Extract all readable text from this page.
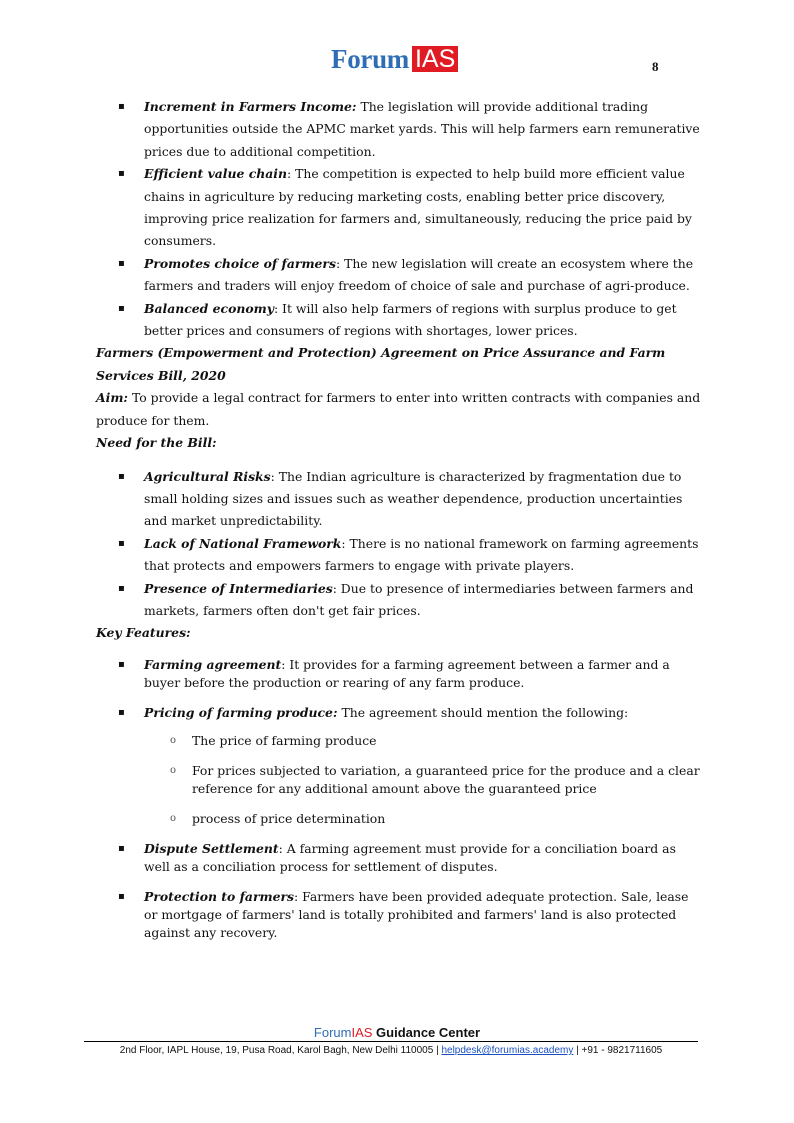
Forum IAS	8
▪ Increment in Farmers Income: The legislation will provide additional trading opportunities outside the APMC market yards. This will help farmers earn remunerative prices due to additional competition.
▪ Efficient value chain: The competition is expected to help build more efficient value chains in agriculture by reducing marketing costs, enabling better price discovery, improving price realization for farmers and, simultaneously, reducing the price paid by consumers.
▪ Promotes choice of farmers: The new legislation will create an ecosystem where the farmers and traders will enjoy freedom of choice of sale and purchase of agri-produce.
▪ Balanced economy: It will also help farmers of regions with surplus produce to get better prices and consumers of regions with shortages, lower prices.
Farmers (Empowerment and Protection) Agreement on Price Assurance and Farm Services Bill, 2020
Aim: To provide a legal contract for farmers to enter into written contracts with companies and produce for them.
Need for the Bill:
▪ Agricultural Risks: The Indian agriculture is characterized by fragmentation due to small holding sizes and issues such as weather dependence, production uncertainties and market unpredictability.
▪ Lack of National Framework: There is no national framework on farming agreements that protects and empowers farmers to engage with private players.
▪ Presence of Intermediaries: Due to presence of intermediaries between farmers and markets, farmers often don't get fair prices.
Key Features:
▪ Farming agreement: It provides for a farming agreement between a farmer and a buyer before the production or rearing of any farm produce.
▪ Pricing of farming produce: The agreement should mention the following:
o The price of farming produce
o For prices subjected to variation, a guaranteed price for the produce and a clear reference for any additional amount above the guaranteed price
o process of price determination
▪ Dispute Settlement: A farming agreement must provide for a conciliation board as well as a conciliation process for settlement of disputes.
▪ Protection to farmers: Farmers have been provided adequate protection. Sale, lease or mortgage of farmers' land is totally prohibited and farmers' land is also protected against any recovery.
ForumIAS Guidance Center
2nd Floor, IAPL House, 19, Pusa Road, Karol Bagh, New Delhi 110005 | helpdesk@forumias.academy | +91 - 9821711605
